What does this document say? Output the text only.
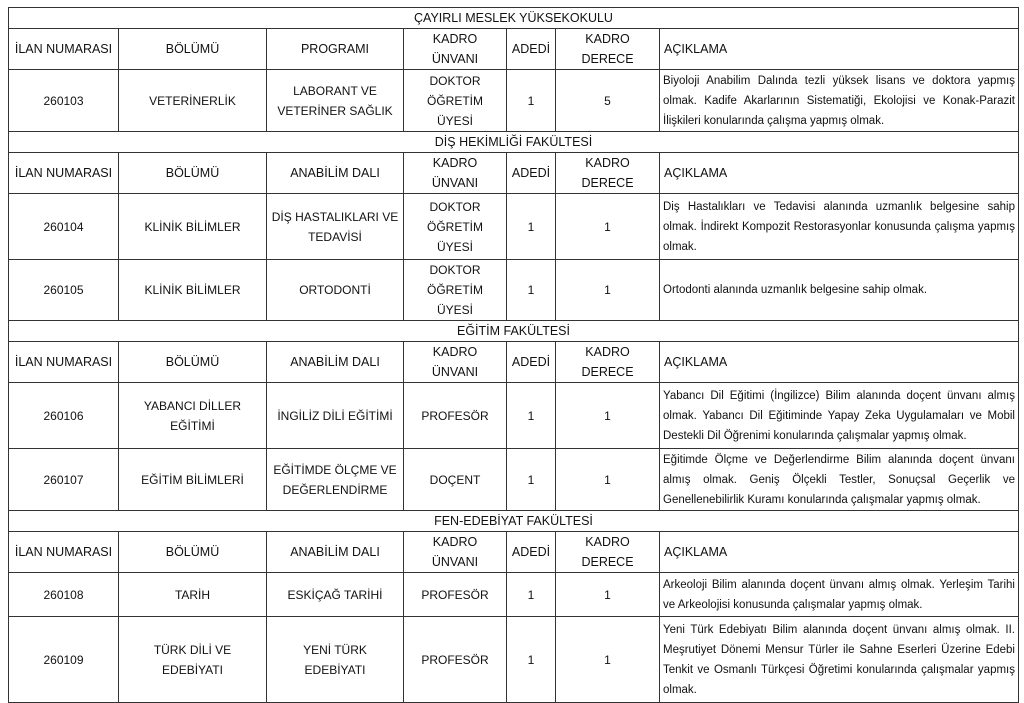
ÇAYIRLI MESLEK YÜKSEKOKULU						
İLAN NUMARASI	BÖLÜMÜ	PROGRAMI	KADRO ÜNVANI	ADEDİ	KADRO DERECE	AÇIKLAMA
260103	VETERİNERLİK	LABORANT VE VETERİNER SAĞLIK	DOKTOR ÖĞRETİM ÜYESİ	1	5	Biyoloji Anabilim Dalında tezli yüksek lisans ve doktora yapmış olmak. Kadife Akarlarının Sistematiği, Ekolojisi ve Konak-Parazit İlişkileri konularında çalışma yapmış olmak.
DİŞ HEKİMLİĞİ FAKÜLTESİ						
İLAN NUMARASI	BÖLÜMÜ	ANABİLİM DALI	KADRO ÜNVANI	ADEDİ	KADRO DERECE	AÇIKLAMA
260104	KLİNİK BİLİMLER	DİŞ HASTALIKLARI VE TEDAVİSİ	DOKTOR ÖĞRETİM ÜYESİ	1	1	Diş Hastalıkları ve Tedavisi alanında uzmanlık belgesine sahip olmak. İndirekt Kompozit Restorasyonlar konusunda çalışma yapmış olmak.
260105	KLİNİK BİLİMLER	ORTODONTİ	DOKTOR ÖĞRETİM ÜYESİ	1	1	Ortodonti alanında uzmanlık belgesine sahip olmak.
EĞİTİM FAKÜLTESİ						
İLAN NUMARASI	BÖLÜMÜ	ANABİLİM DALI	KADRO ÜNVANI	ADEDİ	KADRO DERECE	AÇIKLAMA
260106	YABANCI DİLLER EĞİTİMİ	İNGİLİZ DİLİ EĞİTİMİ	PROFESÖR	1	1	Yabancı Dil Eğitimi (İngilizce) Bilim alanında doçent ünvanı almış olmak. Yabancı Dil Eğitiminde Yapay Zeka Uygulamaları ve Mobil Destekli Dil Öğrenimi konularında çalışmalar yapmış olmak.
260107	EĞİTİM BİLİMLERİ	EĞİTİMDE ÖLÇME VE DEĞERLENDİRME	DOÇENT	1	1	Eğitimde Ölçme ve Değerlendirme Bilim alanında doçent ünvanı almış olmak. Geniş Ölçekli Testler, Sonuçsal Geçerlik ve Genellenebilirlik Kuramı konularında çalışmalar yapmış olmak.
FEN-EDEBİYAT FAKÜLTESİ						
İLAN NUMARASI	BÖLÜMÜ	ANABİLİM DALI	KADRO ÜNVANI	ADEDİ	KADRO DERECE	AÇIKLAMA
260108	TARİH	ESKİÇAĞ TARİHİ	PROFESÖR	1	1	Arkeoloji Bilim alanında doçent ünvanı almış olmak. Yerleşim Tarihi ve Arkeolojisi konusunda çalışmalar yapmış olmak.
260109	TÜRK DİLİ VE EDEBİYATI	YENİ TÜRK EDEBİYATI	PROFESÖR	1	1	Yeni Türk Edebiyatı Bilim alanında doçent ünvanı almış olmak. II. Meşrutiyet Dönemi Mensur Türler ile Sahne Eserleri Üzerine Edebi Tenkit ve Osmanlı Türkçesi Öğretimi konularında çalışmalar yapmış olmak.
